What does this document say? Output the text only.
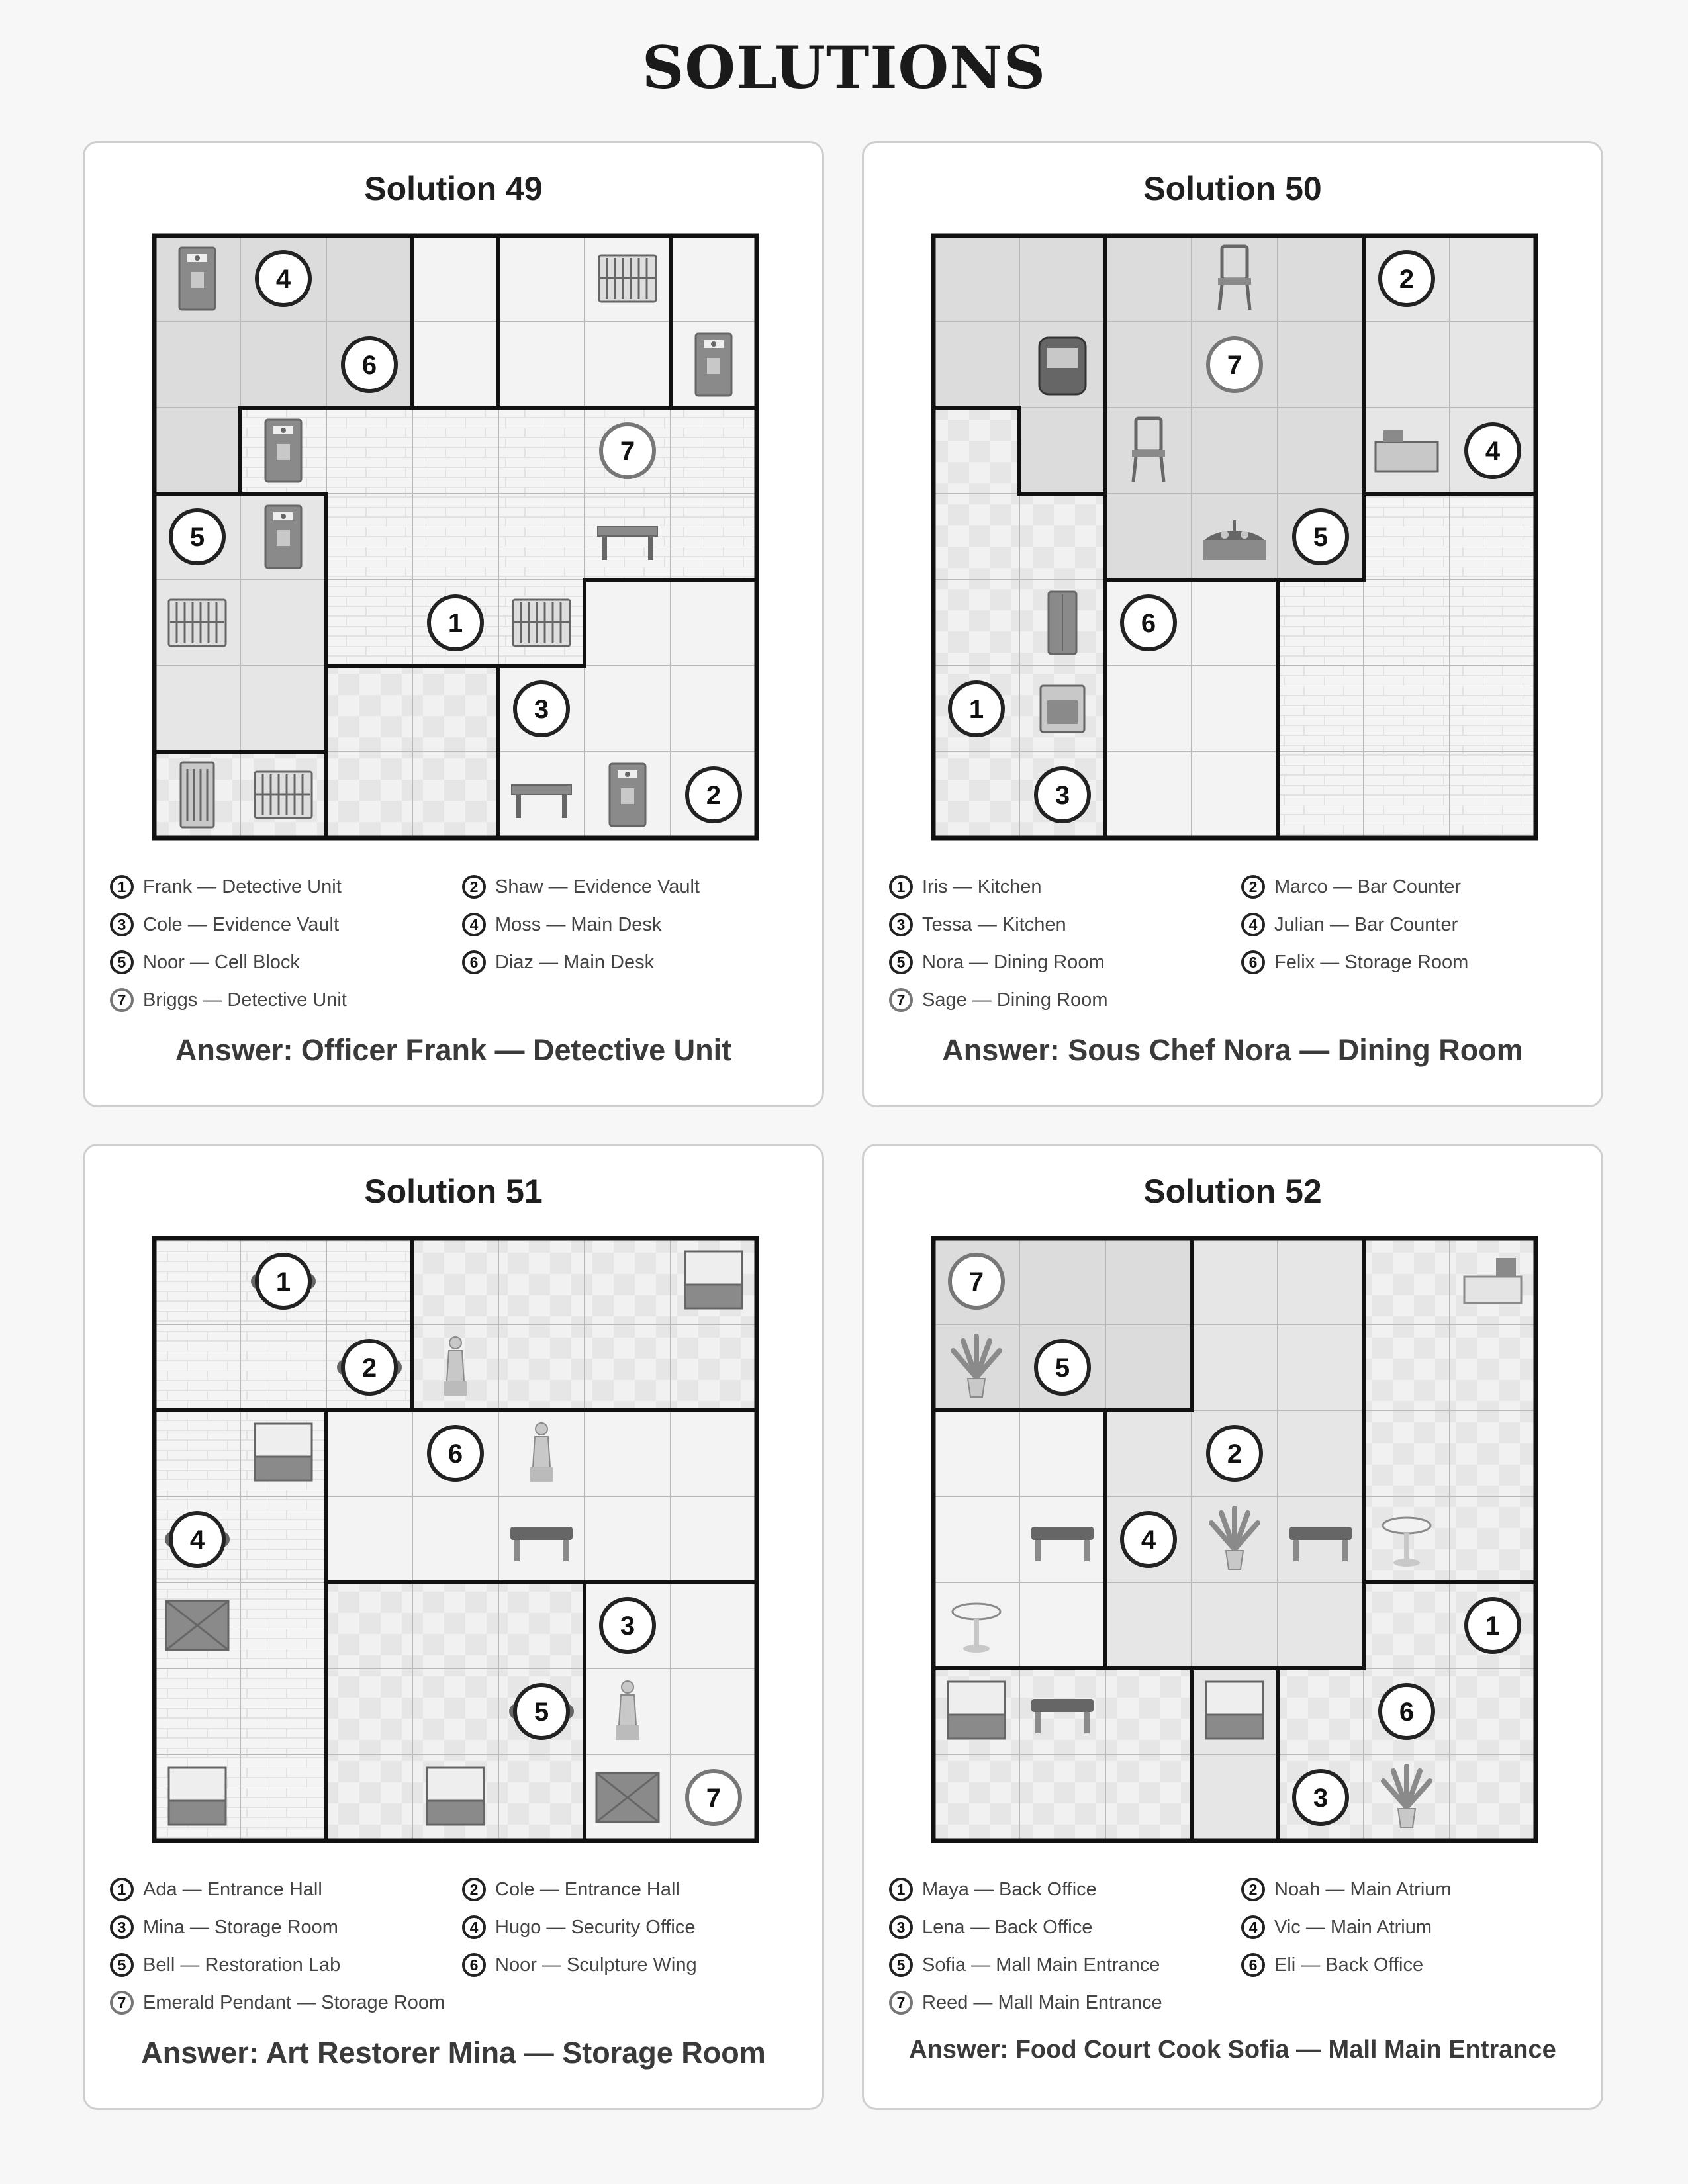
SOLUTIONS
Solution 49
4
6
7
5
1
3
2
1 Frank — Detective Unit	2 Shaw — Evidence Vault
3 Cole — Evidence Vault	4 Moss — Main Desk
5 Noor — Cell Block	6 Diaz — Main Desk
7 Briggs — Detective Unit
Answer: Officer Frank — Detective Unit
Solution 50
2
7
4
5
6
1
3
1 Iris — Kitchen	2 Marco — Bar Counter
3 Tessa — Kitchen	4 Julian — Bar Counter
5 Nora — Dining Room	6 Felix — Storage Room
7 Sage — Dining Room
Answer: Sous Chef Nora — Dining Room
Solution 51
1
2
6
4
3
5
7
1 Ada — Entrance Hall	2 Cole — Entrance Hall
3 Mina — Storage Room	4 Hugo — Security Office
5 Bell — Restoration Lab	6 Noor — Sculpture Wing
7 Emerald Pendant — Storage Room
Answer: Art Restorer Mina — Storage Room
Solution 52
7
5
2
4
1
6
3
1 Maya — Back Office	2 Noah — Main Atrium
3 Lena — Back Office	4 Vic — Main Atrium
5 Sofia — Mall Main Entrance	6 Eli — Back Office
7 Reed — Mall Main Entrance
Answer: Food Court Cook Sofia — Mall Main Entrance
